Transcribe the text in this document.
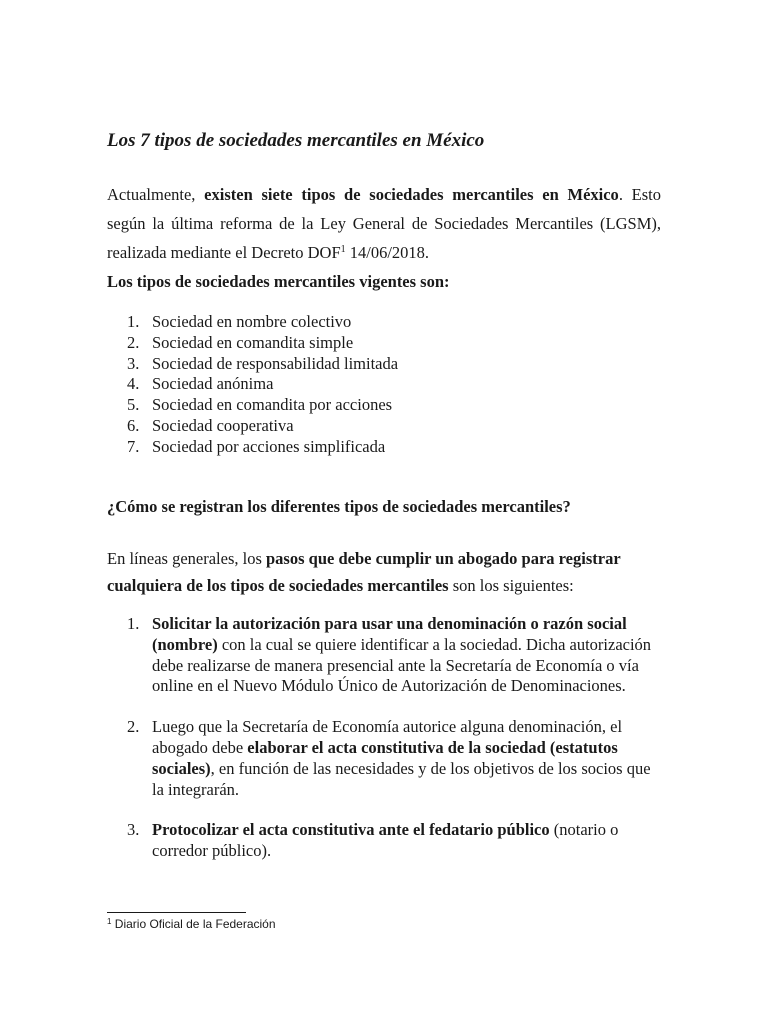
Los 7 tipos de sociedades mercantiles en México

Actualmente, existen siete tipos de sociedades mercantiles en México. Esto según la última reforma de la Ley General de Sociedades Mercantiles (LGSM), realizada mediante el Decreto DOF$^1$ 14/06/2018.

Los tipos de sociedades mercantiles vigentes son:

1. Sociedad en nombre colectivo
2. Sociedad en comandita simple
3. Sociedad de responsabilidad limitada
4. Sociedad anónima
5. Sociedad en comandita por acciones
6. Sociedad cooperativa
7. Sociedad por acciones simplificada

¿Cómo se registran los diferentes tipos de sociedades mercantiles?

En líneas generales, los pasos que debe cumplir un abogado para registrar cualquiera de los tipos de sociedades mercantiles son los siguientes:

1. Solicitar la autorización para usar una denominación o razón social (nombre) con la cual se quiere identificar a la sociedad. Dicha autorización debe realizarse de manera presencial ante la Secretaría de Economía o vía online en el Nuevo Módulo Único de Autorización de Denominaciones.
2. Luego que la Secretaría de Economía autorice alguna denominación, el abogado debe elaborar el acta constitutiva de la sociedad (estatutos sociales), en función de las necesidades y de los objetivos de los socios que la integrarán.
3. Protocolizar el acta constitutiva ante el fedatario público (notario o corredor público).

$^1$ Diario Oficial de la Federación
